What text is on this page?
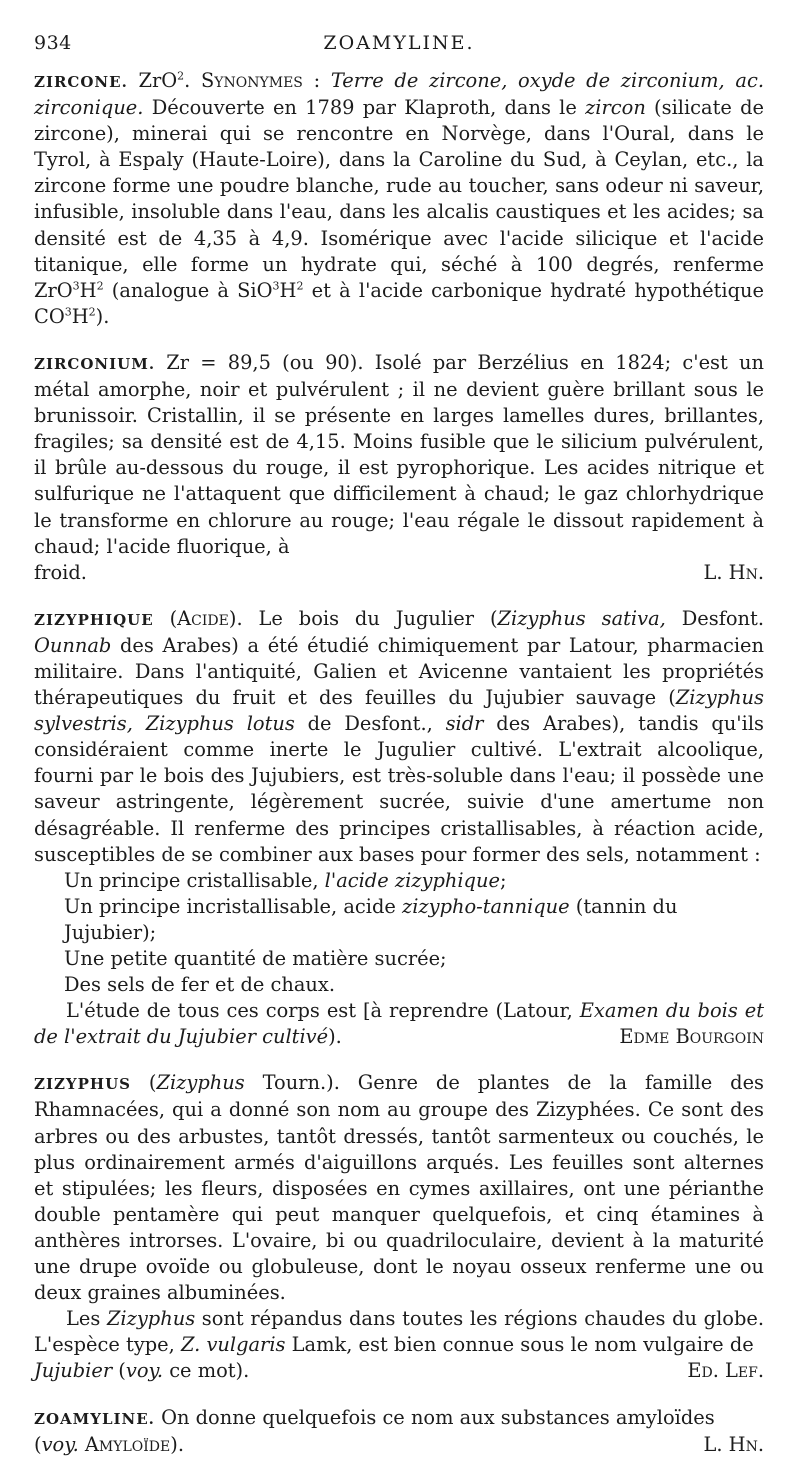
934	ZOAMYLINE.

ZIRCONE. ZrO$^2$. Synonymes : Terre de zircone, oxyde de zirconium, ac. zirconique. Découverte en 1789 par Klaproth, dans le zircon (silicate de zircone), minerai qui se rencontre en Norvège, dans l'Oural, dans le Tyrol, à Espaly (Haute-Loire), dans la Caroline du Sud, à Ceylan, etc., la zircone forme une poudre blanche, rude au toucher, sans odeur ni saveur, infusible, insoluble dans l'eau, dans les alcalis caustiques et les acides; sa densité est de 4,35 à 4,9. Isomérique avec l'acide silicique et l'acide titanique, elle forme un hydrate qui, séché à 100 degrés, renferme $ZrO^3H^2$ (analogue à $SiO^3H^2$ et à l'acide carbonique hydraté hypothétique $CO^3H^2$).

ZIRCONIUM. Zr = 89,5 (ou 90). Isolé par Berzélius en 1824; c'est un métal amorphe, noir et pulvérulent ; il ne devient guère brillant sous le brunissoir. Cristallin, il se présente en larges lamelles dures, brillantes, fragiles; sa densité est de 4,15. Moins fusible que le silicium pulvérulent, il brûle au-dessous du rouge, il est pyrophorique. Les acides nitrique et sulfurique ne l'attaquent que difficilement à chaud; le gaz chlorhydrique le transforme en chlorure au rouge; l'eau régale le dissout rapidement à chaud; l'acide fluorique, à

froid.	L. Hn.

ZIZYPHIQUE (Acide). Le bois du Jugulier (Zizyphus sativa, Desfont. Ounnab des Arabes) a été étudié chimiquement par Latour, pharmacien militaire. Dans l'antiquité, Galien et Avicenne vantaient les propriétés thérapeutiques du fruit et des feuilles du Jujubier sauvage (Zizyphus sylvestris, Zizyphus lotus de Desfont., sidr des Arabes), tandis qu'ils considéraient comme inerte le Jugulier cultivé. L'extrait alcoolique, fourni par le bois des Jujubiers, est très-soluble dans l'eau; il possède une saveur astringente, légèrement sucrée, suivie d'une amertume non désagréable. Il renferme des principes cristallisables, à réaction acide, susceptibles de se combiner aux bases pour former des sels, notamment :

Un principe cristallisable, l'acide zizyphique;

Un principe incristallisable, acide zizypho-tannique (tannin du Jujubier);

Une petite quantité de matière sucrée;

Des sels de fer et de chaux.

L'étude de tous ces corps est [à reprendre (Latour, Examen du bois et de l'extrait du Jujubier cultivé).	Edme Bourgoin

ZIZYPHUS (Zizyphus Tourn.). Genre de plantes de la famille des Rhamnacées, qui a donné son nom au groupe des Zizyphées. Ce sont des arbres ou des arbustes, tantôt dressés, tantôt sarmenteux ou couchés, le plus ordinairement armés d'aiguillons arqués. Les feuilles sont alternes et stipulées; les fleurs, disposées en cymes axillaires, ont une périanthe double pentamère qui peut manquer quelquefois, et cinq étamines à anthères introrses. L'ovaire, bi ou quadriloculaire, devient à la maturité une drupe ovoïde ou globuleuse, dont le noyau osseux renferme une ou deux graines albuminées.

Les Zizyphus sont répandus dans toutes les régions chaudes du globe. L'espèce type, Z. vulgaris Lamk, est bien connue sous le nom vulgaire de

Jujubier (voy. ce mot).	Ed. Lef.

ZOAMYLINE. On donne quelquefois ce nom aux substances amyloïdes

(voy. Amyloïde).	L. Hn.
